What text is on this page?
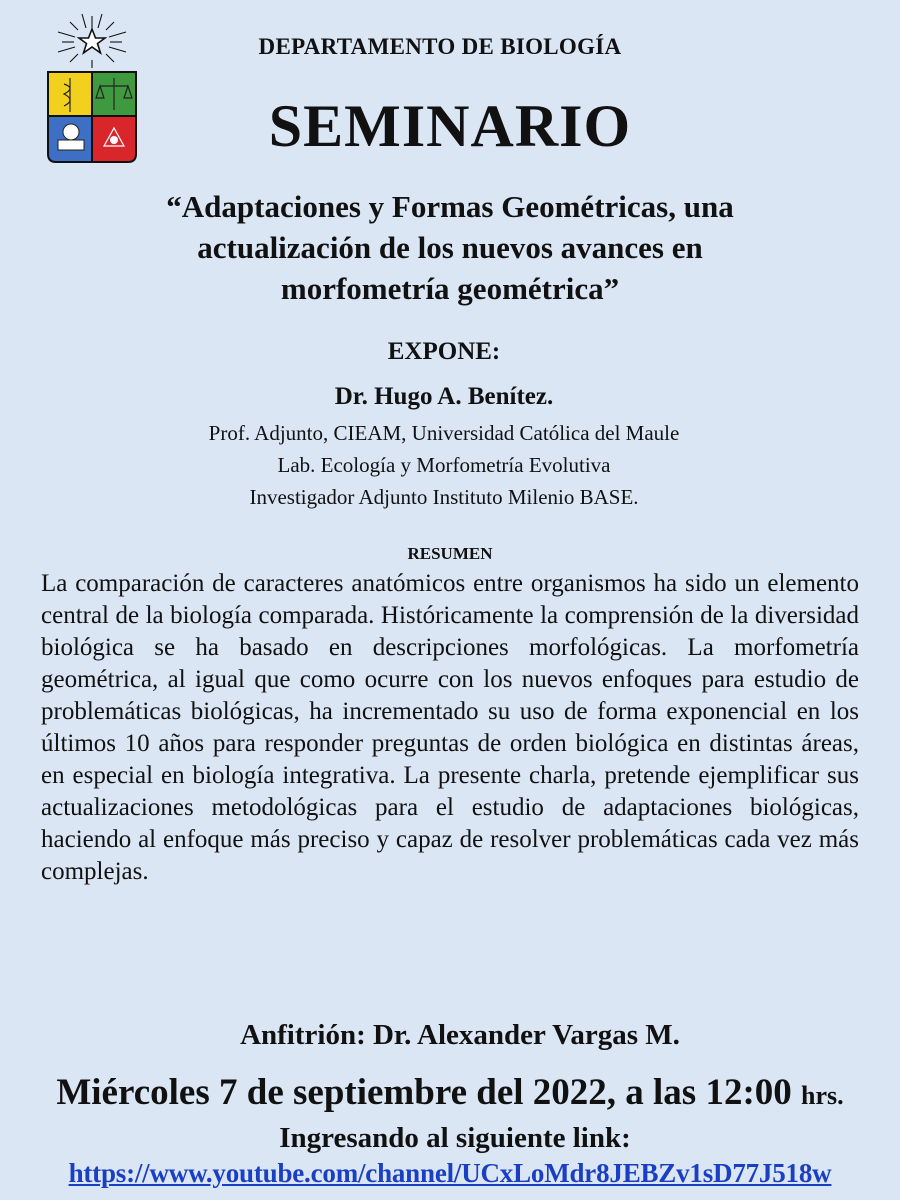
DEPARTAMENTO DE BIOLOGÍA
SEMINARIO
“Adaptaciones y Formas Geométricas, una
actualización de los nuevos avances en
morfometría geométrica”
EXPONE:
Dr. Hugo A. Benítez.
Prof. Adjunto, CIEAM, Universidad Católica del Maule
Lab. Ecología y Morfometría Evolutiva
Investigador Adjunto Instituto Milenio BASE.
RESUMEN

La comparación de caracteres anatómicos entre organismos ha sido un elemento central de la biología comparada. Históricamente la comprensión de la diversidad biológica se ha basado en descripciones morfológicas. La morfometría geométrica, al igual que como ocurre con los nuevos enfoques para estudio de problemáticas biológicas, ha incrementado su uso de forma exponencial en los últimos 10 años para responder preguntas de orden biológica en distintas áreas, en especial en biología integrativa. La presente charla, pretende ejemplificar sus actualizaciones metodológicas para el estudio de adaptaciones biológicas, haciendo al enfoque más preciso y capaz de resolver problemáticas cada vez más complejas.

Anfitrión: Dr. Alexander Vargas M.
Miércoles 7 de septiembre del 2022, a las 12:00 hrs.
Ingresando al siguiente link:
https://www.youtube.com/channel/UCxLoMdr8JEBZv1sD77J518w
